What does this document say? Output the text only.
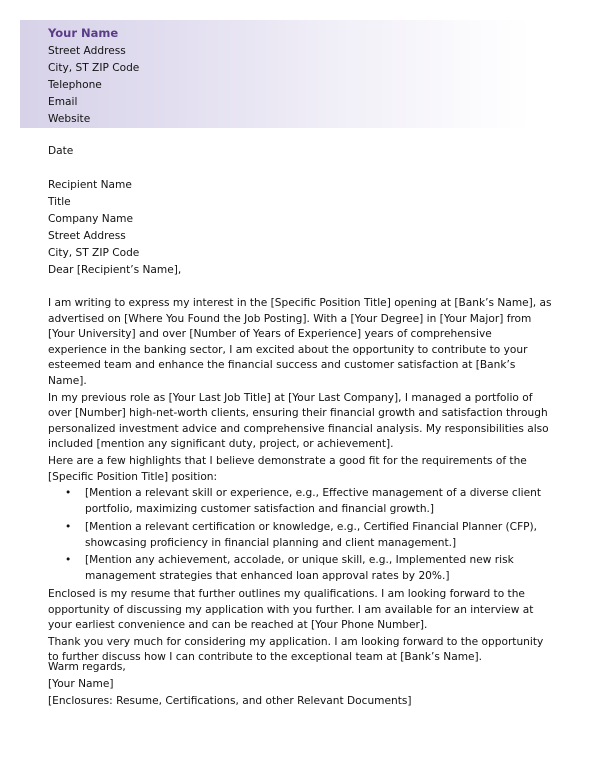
Your Name
Street Address
City, ST ZIP Code
Telephone
Email
Website
Date
Recipient Name
Title
Company Name
Street Address
City, ST ZIP Code
Dear [Recipient’s Name],
I am writing to express my interest in the [Specific Position Title] opening at [Bank’s Name], as advertised on [Where You Found the Job Posting]. With a [Your Degree] in [Your Major] from [Your University] and over [Number of Years of Experience] years of comprehensive experience in the banking sector, I am excited about the opportunity to contribute to your esteemed team and enhance the financial success and customer satisfaction at [Bank’s Name].
In my previous role as [Your Last Job Title] at [Your Last Company], I managed a portfolio of over [Number] high-net-worth clients, ensuring their financial growth and satisfaction through personalized investment advice and comprehensive financial analysis. My responsibilities also included [mention any significant duty, project, or achievement].
Here are a few highlights that I believe demonstrate a good fit for the requirements of the [Specific Position Title] position:
• [Mention a relevant skill or experience, e.g., Effective management of a diverse client portfolio, maximizing customer satisfaction and financial growth.]
• [Mention a relevant certification or knowledge, e.g., Certified Financial Planner (CFP), showcasing proficiency in financial planning and client management.]
• [Mention any achievement, accolade, or unique skill, e.g., Implemented new risk management strategies that enhanced loan approval rates by 20%.]
Enclosed is my resume that further outlines my qualifications. I am looking forward to the opportunity of discussing my application with you further. I am available for an interview at your earliest convenience and can be reached at [Your Phone Number].
Thank you very much for considering my application. I am looking forward to the opportunity to further discuss how I can contribute to the exceptional team at [Bank’s Name].
Warm regards,
[Your Name]
[Enclosures: Resume, Certifications, and other Relevant Documents]
